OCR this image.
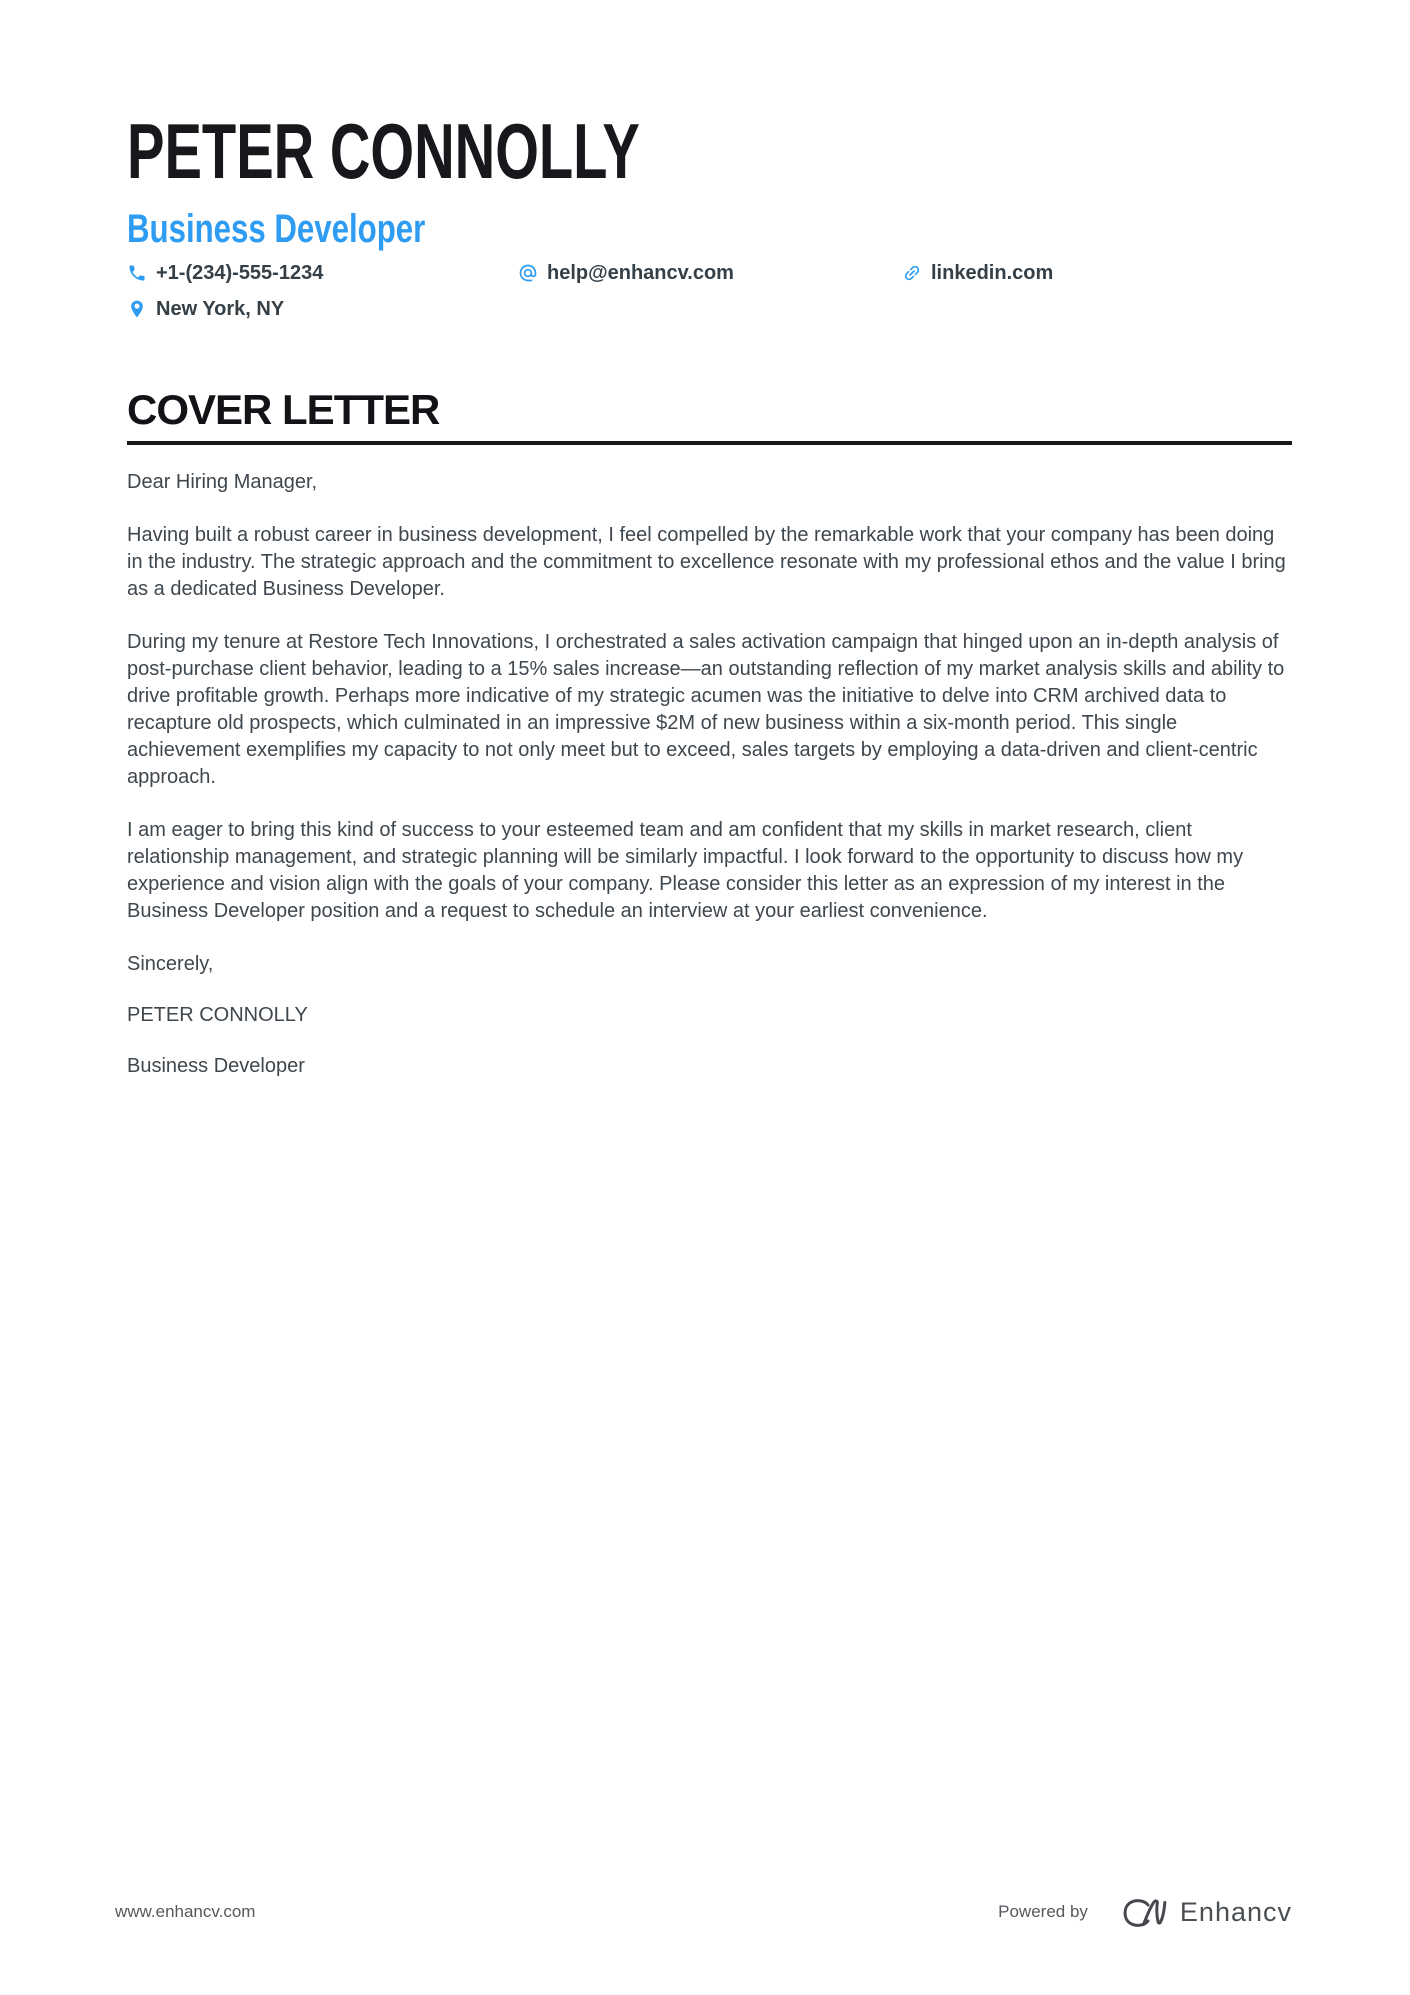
PETER CONNOLLY
Business Developer
+1-(234)-555-1234	help@enhancv.com	linkedin.com
New York, NY
COVER LETTER

Dear Hiring Manager,

Having built a robust career in business development, I feel compelled by the remarkable work that your company has been doing in the industry. The strategic approach and the commitment to excellence resonate with my professional ethos and the value I bring as a dedicated Business Developer.

During my tenure at Restore Tech Innovations, I orchestrated a sales activation campaign that hinged upon an in-depth analysis of post-purchase client behavior, leading to a 15% sales increase—an outstanding reflection of my market analysis skills and ability to drive profitable growth. Perhaps more indicative of my strategic acumen was the initiative to delve into CRM archived data to recapture old prospects, which culminated in an impressive $2M of new business within a six-month period. This single achievement exemplifies my capacity to not only meet but to exceed, sales targets by employing a data-driven and client-centric approach.

I am eager to bring this kind of success to your esteemed team and am confident that my skills in market research, client relationship management, and strategic planning will be similarly impactful. I look forward to the opportunity to discuss how my experience and vision align with the goals of your company. Please consider this letter as an expression of my interest in the Business Developer position and a request to schedule an interview at your earliest convenience.

Sincerely,

PETER CONNOLLY

Business Developer

www.enhancv.com	Powered by	Enhancv
